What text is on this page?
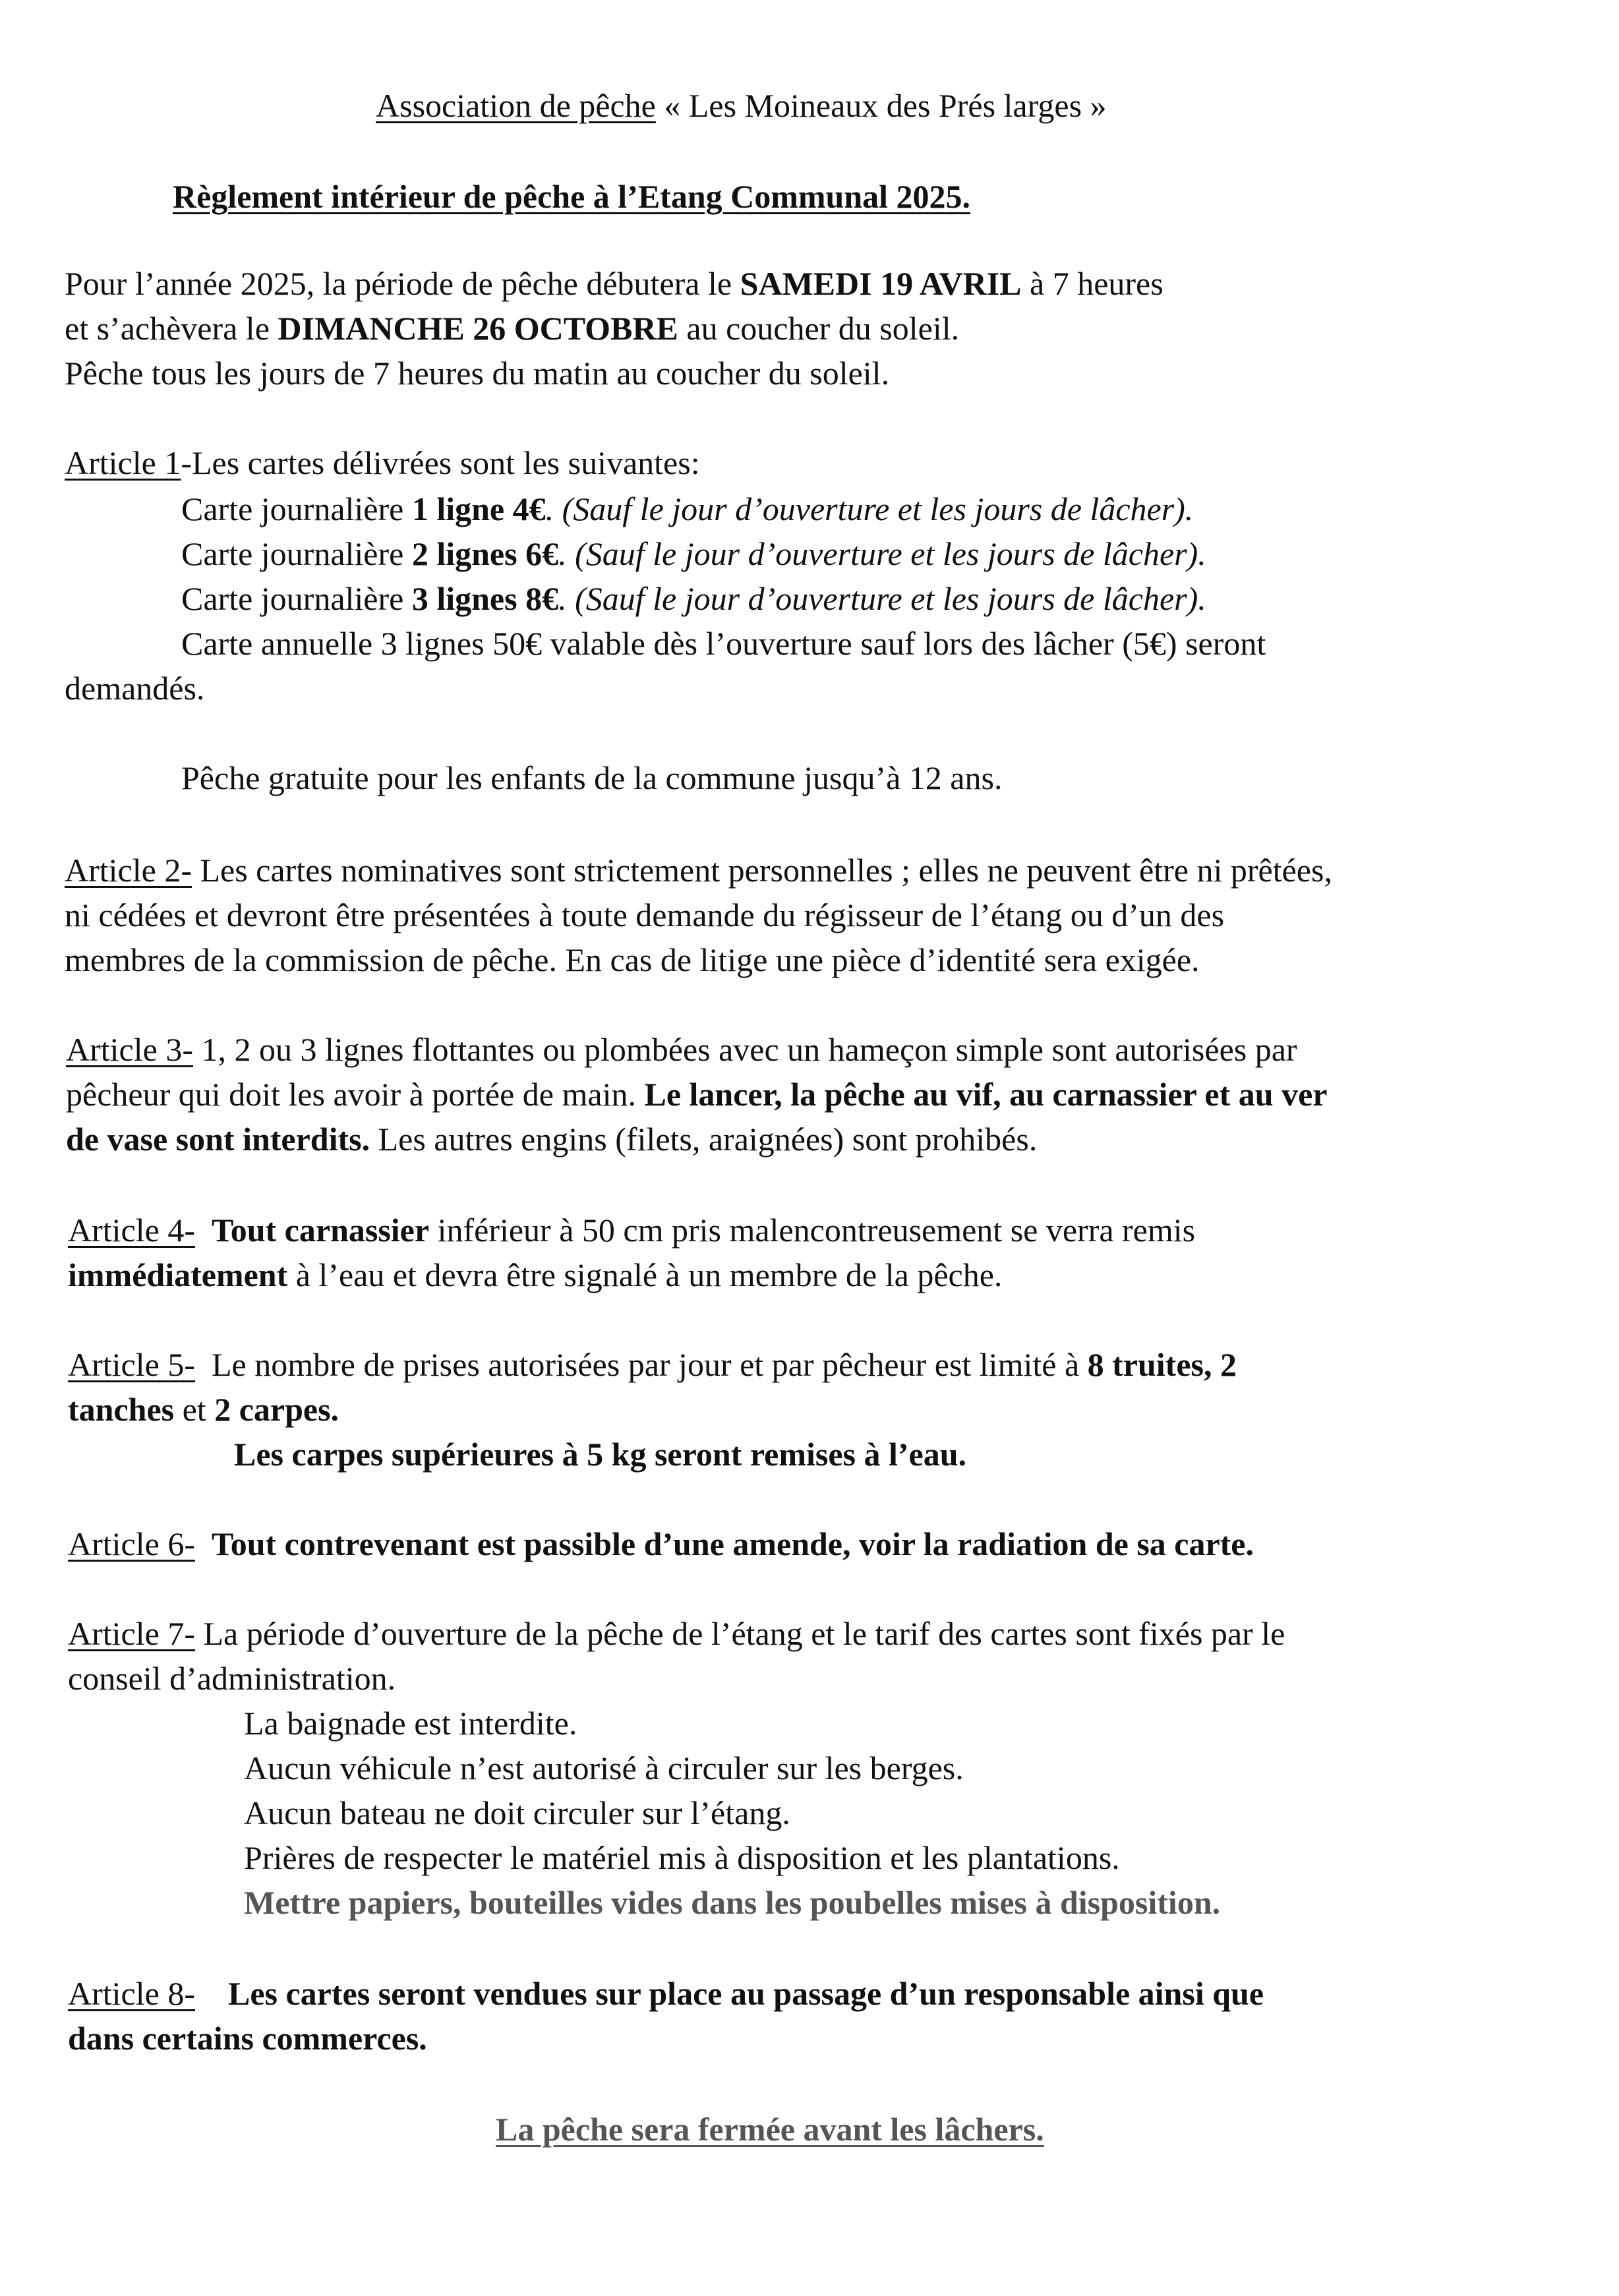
Association de pêche « Les Moineaux des Prés larges »
Règlement intérieur de pêche à l’Etang Communal 2025.
Pour l’année 2025, la période de pêche débutera le SAMEDI 19 AVRIL à 7 heures
et s’achèvera le DIMANCHE 26 OCTOBRE au coucher du soleil.
Pêche tous les jours de 7 heures du matin au coucher du soleil.
Article 1-Les cartes délivrées sont les suivantes:
Carte journalière 1 ligne 4€. (Sauf le jour d’ouverture et les jours de lâcher).
Carte journalière 2 lignes 6€. (Sauf le jour d’ouverture et les jours de lâcher).
Carte journalière 3 lignes 8€. (Sauf le jour d’ouverture et les jours de lâcher).
Carte annuelle 3 lignes 50€ valable dès l’ouverture sauf lors des lâcher (5€) seront
demandés.
Pêche gratuite pour les enfants de la commune jusqu’à 12 ans.
Article 2- Les cartes nominatives sont strictement personnelles ; elles ne peuvent être ni prêtées,
ni cédées et devront être présentées à toute demande du régisseur de l’étang ou d’un des
membres de la commission de pêche. En cas de litige une pièce d’identité sera exigée.
Article 3- 1, 2 ou 3 lignes flottantes ou plombées avec un hameçon simple sont autorisées par
pêcheur qui doit les avoir à portée de main. Le lancer, la pêche au vif, au carnassier et au ver
de vase sont interdits. Les autres engins (filets, araignées) sont prohibés.
Article 4- Tout carnassier inférieur à 50 cm pris malencontreusement se verra remis
immédiatement à l’eau et devra être signalé à un membre de la pêche.
Article 5- Le nombre de prises autorisées par jour et par pêcheur est limité à 8 truites, 2
tanches et 2 carpes.
Les carpes supérieures à 5 kg seront remises à l’eau.
Article 6- Tout contrevenant est passible d’une amende, voir la radiation de sa carte.
Article 7- La période d’ouverture de la pêche de l’étang et le tarif des cartes sont fixés par le
conseil d’administration.
La baignade est interdite.
Aucun véhicule n’est autorisé à circuler sur les berges.
Aucun bateau ne doit circuler sur l’étang.
Prières de respecter le matériel mis à disposition et les plantations.
Mettre papiers, bouteilles vides dans les poubelles mises à disposition.
Article 8- Les cartes seront vendues sur place au passage d’un responsable ainsi que
dans certains commerces.
La pêche sera fermée avant les lâchers.
